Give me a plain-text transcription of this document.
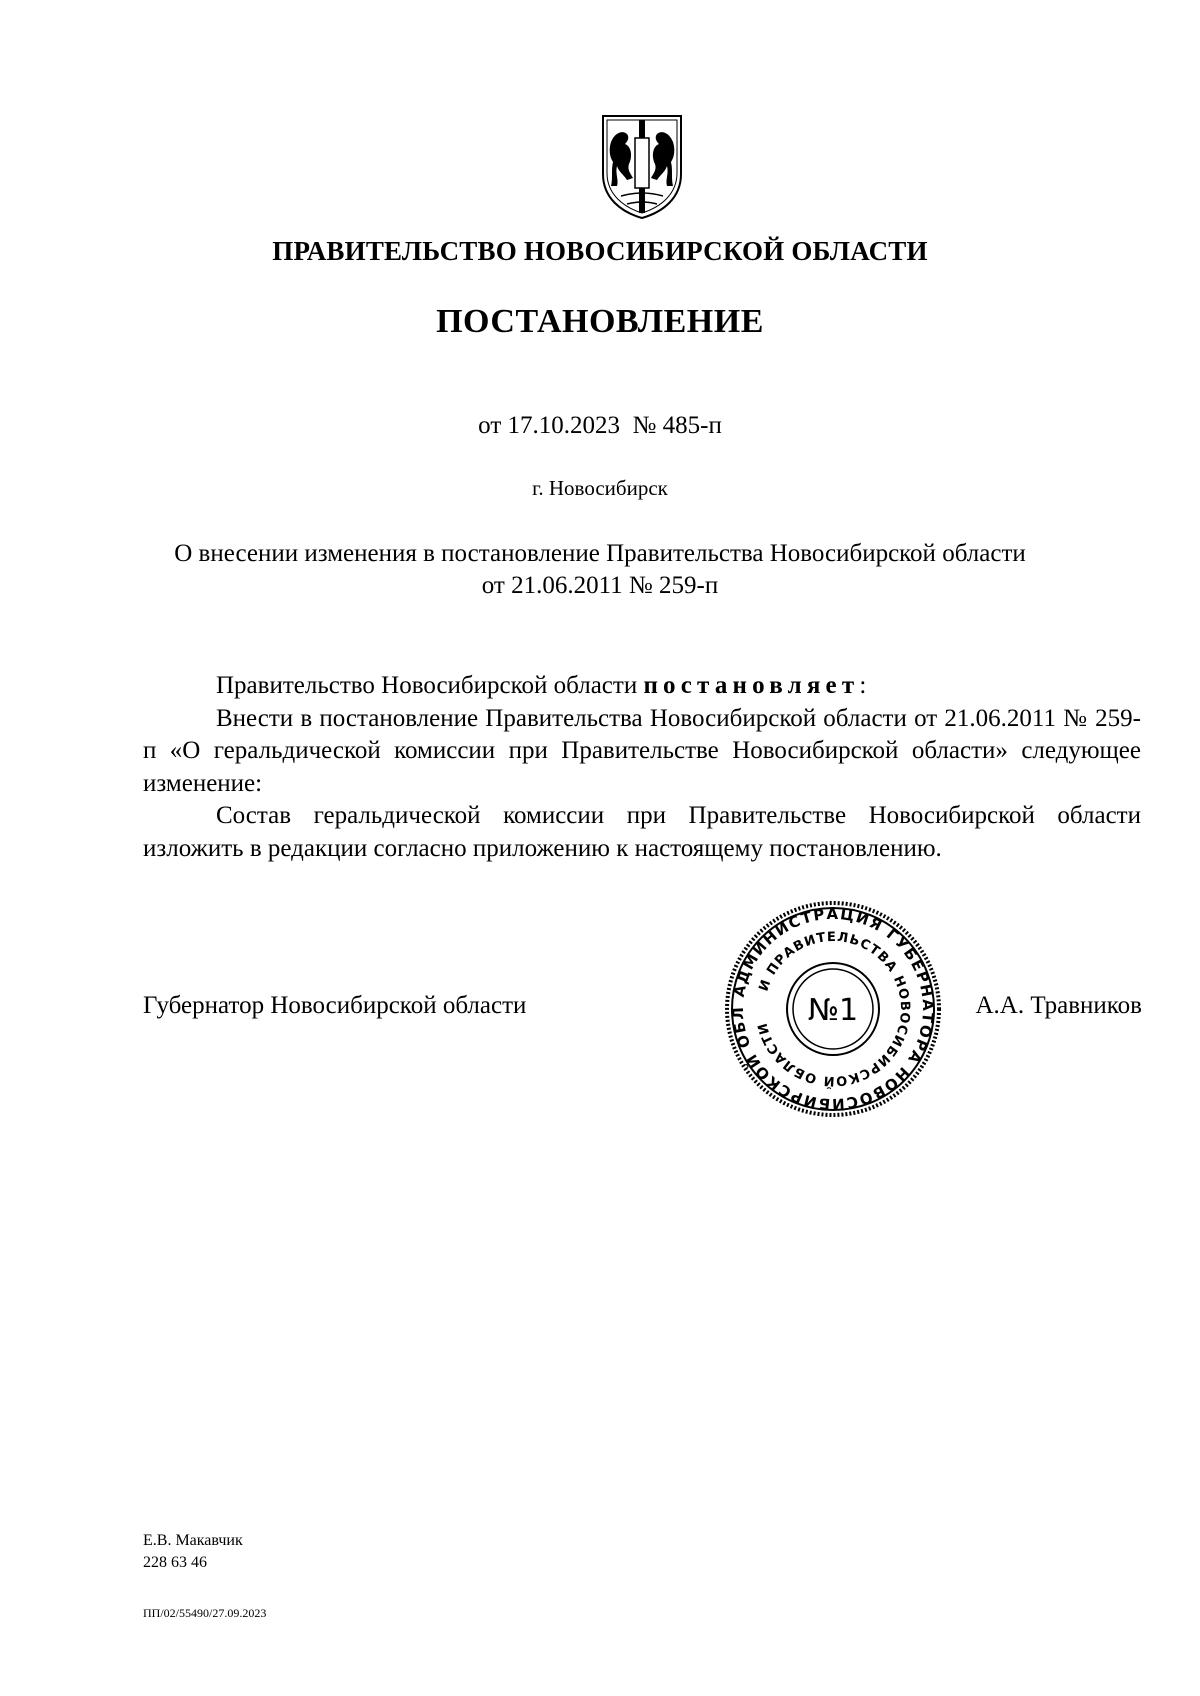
ПРАВИТЕЛЬСТВО НОВОСИБИРСКОЙ ОБЛАСТИ
ПОСТАНОВЛЕНИЕ
от 17.10.2023  № 485-п
г. Новосибирск
О внесении изменения в постановление Правительства Новосибирской области
от 21.06.2011 № 259-п

Правительство Новосибирской области постановляет:

Внести в постановление Правительства Новосибирской области от 21.06.2011 № 259-п «О геральдической комиссии при Правительстве Новосибирской области» следующее изменение:

Состав геральдической комиссии при Правительстве Новосибирской области изложить в редакции согласно приложению к настоящему постановлению.

Губернатор Новосибирской области
АДМИНИСТРАЦИЯ ГУБЕРНАТОРА НОВОСИБИРСКОЙ ОБЛ
И ПРАВИТЕЛЬСТВА НОВОСИБИРСКОЙ ОБЛАСТИ
№1	А.А. Травников
Е.В. Макавчик
228 63 46
ПП/02/55490/27.09.2023
